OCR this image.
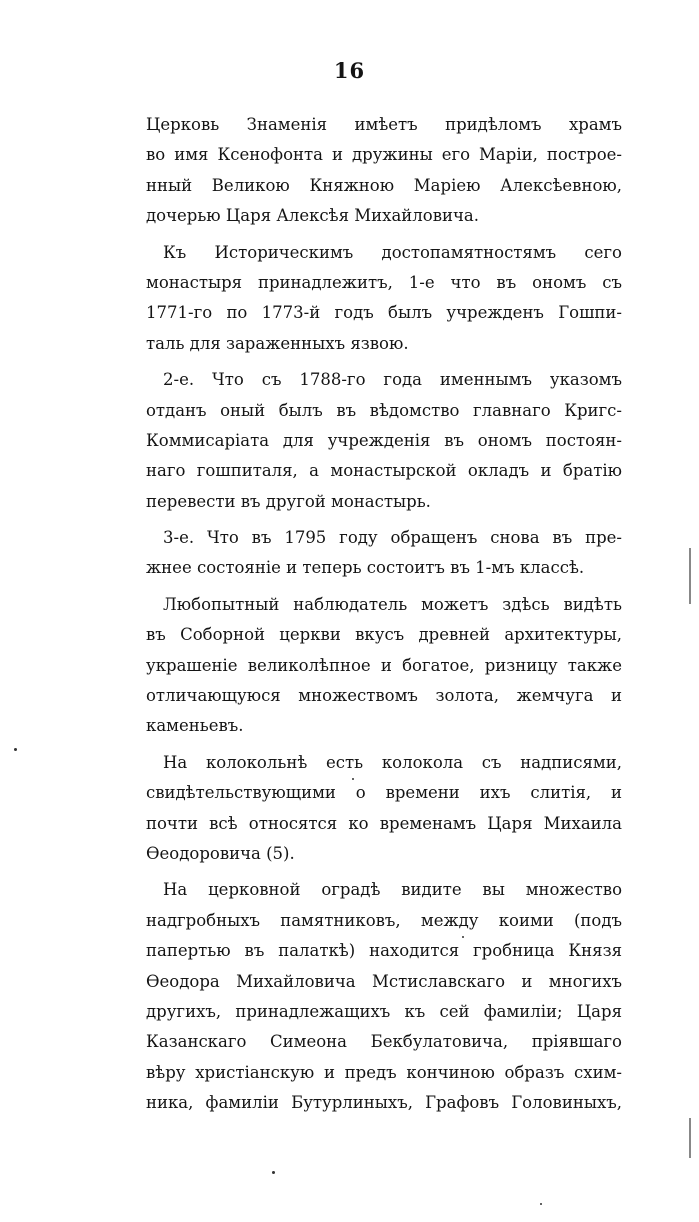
16
Церковь Знаменія имѣетъ придѣломъ храмъ
во имя Ксенофонта и дружины его Маріи, построе-
нный Великою Княжною Маріею Алексѣевною,
дочерью Царя Алексѣя Михайловича.
Къ Историческимъ достопамятностямъ сего
монастыря принадлежитъ, 1-е что въ ономъ съ
1771-го по 1773-й годъ былъ учрежденъ Гошпи-
таль для зараженныхъ язвою.
2-е. Что съ 1788-го года именнымъ указомъ
отданъ оный былъ въ вѣдомство главнаго Кригс-
Коммисаріата для учрежденія въ ономъ постоян-
наго гошпиталя, а монастырской окладъ и братію
перевести въ другой монастырь.
3-е. Что въ 1795 году обращенъ снова въ пре-
жнее состояніе и теперь состоитъ въ 1-мъ классѣ.
Любопытный наблюдатель можетъ здѣсь видѣть
въ Соборной церкви вкусъ древней архитектуры,
украшеніе великолѣпное и богатое, ризницу также
отличающуюся множествомъ золота, жемчуга и
каменьевъ.
На колокольнѣ есть колокола съ надписями,
свидѣтельствующими о времени ихъ слитія, и
почти всѣ относятся ко временамъ Царя Михаила
Ѳеодоровича (5).
На церковной оградѣ видите вы множество
надгробныхъ памятниковъ, между коими (подъ
папертью въ палаткѣ) находится гробница Князя
Ѳеодора Михайловича Мстиславскаго и многихъ
другихъ, принадлежащихъ къ сей фамиліи; Царя
Казанскаго Симеона Бекбулатовича, пріявшаго
вѣру христіанскую и предъ кончиною образъ схим-
ника, фамиліи Бутурлиныхъ, Графовъ Головиныхъ,
